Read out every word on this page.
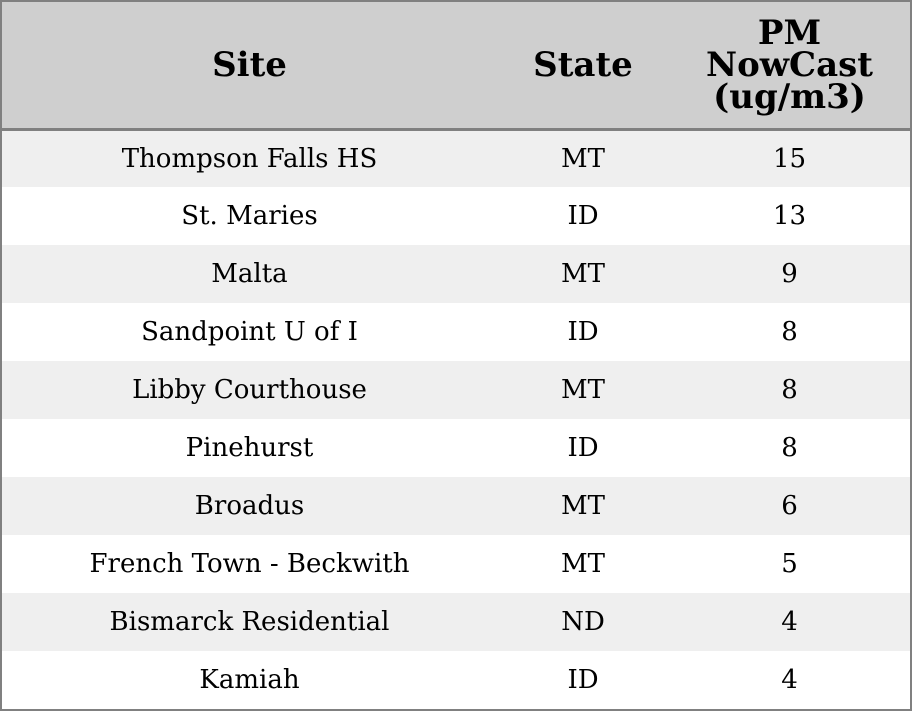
Site	State	PM
NowCast
(ug/m3)
Thompson Falls HS	MT	15
St. Maries	ID	13
Malta	MT	9
Sandpoint U of I	ID	8
Libby Courthouse	MT	8
Pinehurst	ID	8
Broadus	MT	6
French Town - Beckwith	MT	5
Bismarck Residential	ND	4
Kamiah	ID	4
